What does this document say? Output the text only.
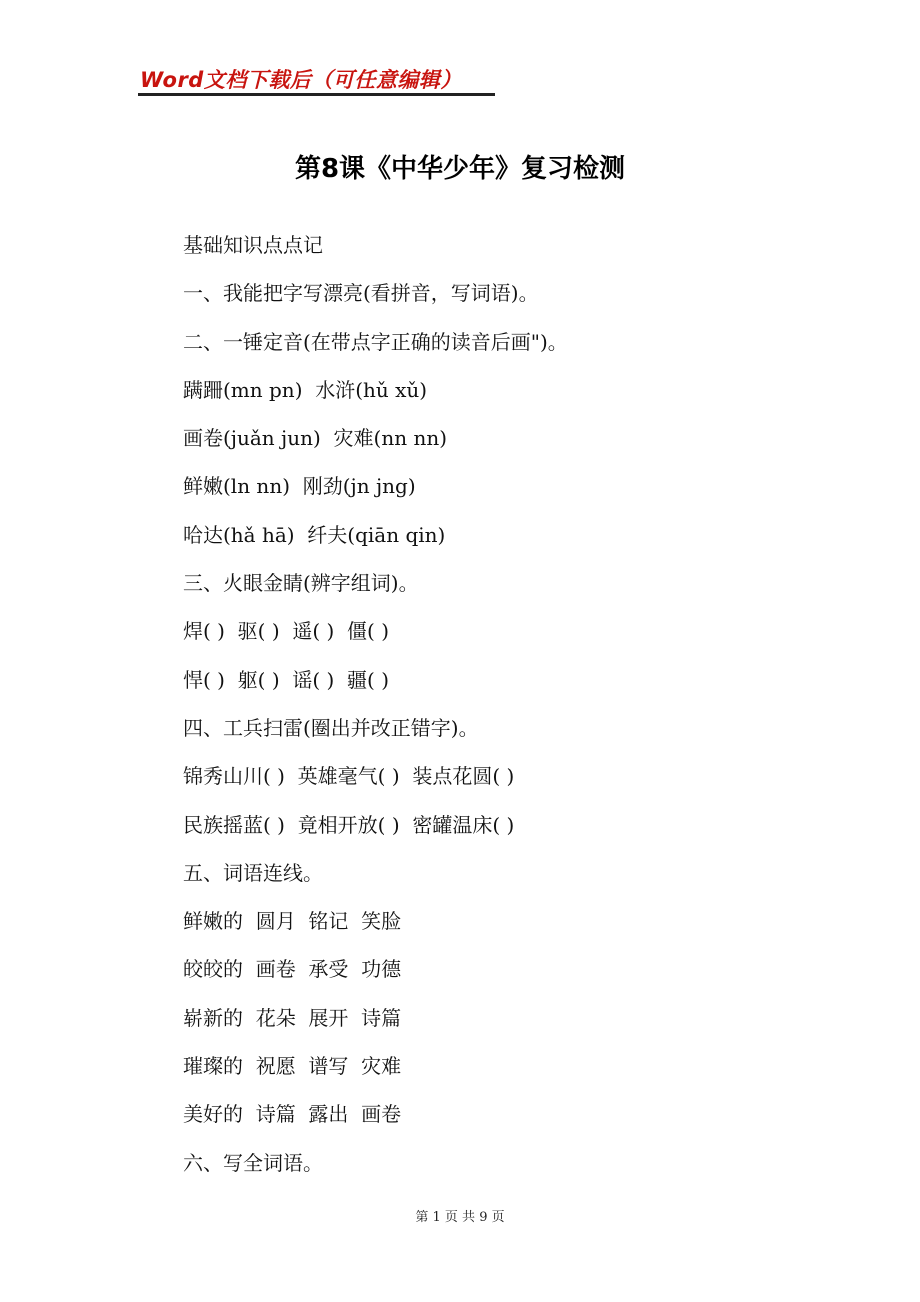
Word文档下载后（可任意编辑）
第8课《中华少年》复习检测
基础知识点点记
一、我能把字写漂亮(看拼音，写词语)。
二、一锤定音(在带点字正确的读音后画")。
蹒跚(mn pn)  水浒(hǔ xǔ)
画卷(juǎn jun)  灾难(nn nn)
鲜嫩(ln nn)  刚劲(jn jng)
哈达(hǎ hā)  纤夫(qiān qin)
三、火眼金睛(辨字组词)。
焊( )  驱( )  遥( )  僵( )
悍( )  躯( )  谣( )  疆( )
四、工兵扫雷(圈出并改正错字)。
锦秀山川( )  英雄毫气( )  装点花圆( )
民族摇蓝( )  竟相开放( )  密罐温床( )
五、词语连线。
鲜嫩的  圆月  铭记  笑脸
皎皎的  画卷  承受  功德
崭新的  花朵  展开  诗篇
璀璨的  祝愿  谱写  灾难
美好的  诗篇  露出  画卷
六、写全词语。
第 1 页 共 9 页
